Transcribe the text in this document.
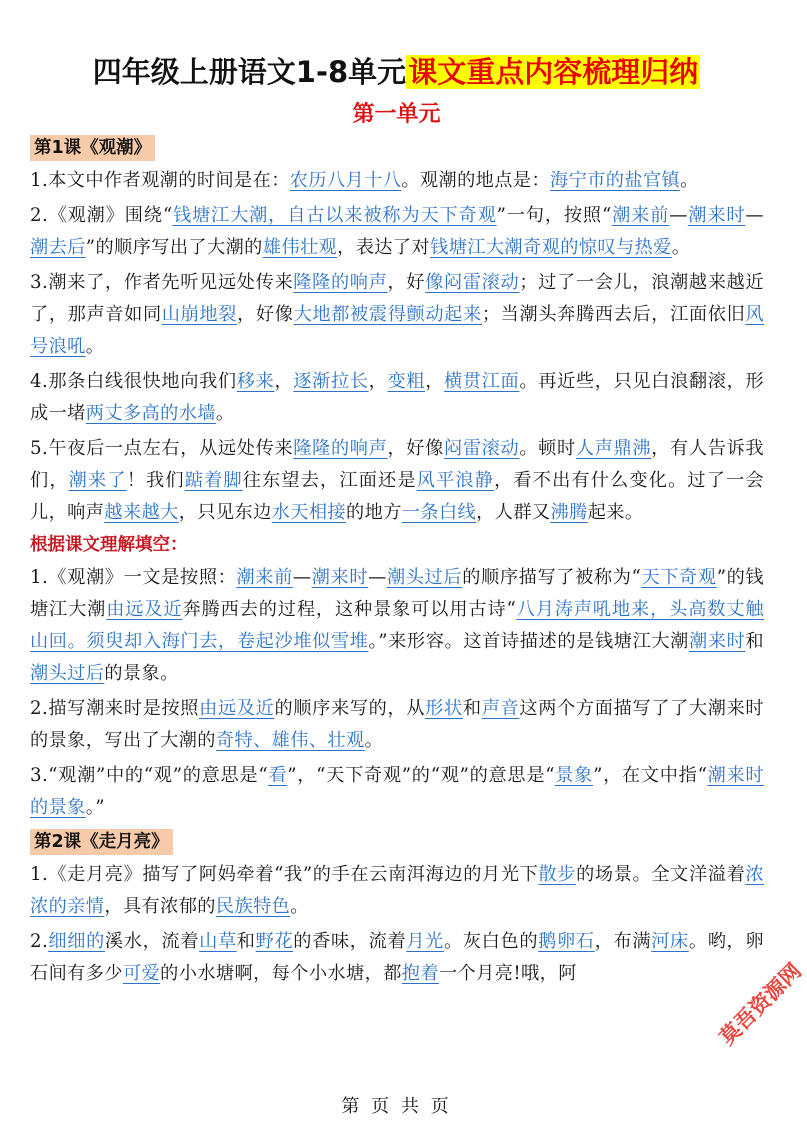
四年级上册语文1-8单元课文重点内容梳理归纳
第一单元
第1课《观潮》

1.本文中作者观潮的时间是在：农历八月十八。观潮的地点是：海宁市的盐官镇。

2.《观潮》围绕“钱塘江大潮，自古以来被称为天下奇观”一句，按照“潮来前—潮来时—潮去后”的顺序写出了大潮的雄伟壮观，表达了对钱塘江大潮奇观的惊叹与热爱。

3.潮来了，作者先听见远处传来隆隆的响声，好像闷雷滚动；过了一会儿，浪潮越来越近了，那声音如同山崩地裂，好像大地都被震得颤动起来；当潮头奔腾西去后，江面依旧风号浪吼。

4.那条白线很快地向我们移来，逐渐拉长，变粗，横贯江面。再近些，只见白浪翻滚，形成一堵两丈多高的水墙。

5.午夜后一点左右，从远处传来隆隆的响声，好像闷雷滚动。顿时人声鼎沸，有人告诉我们，潮来了！我们踮着脚往东望去，江面还是风平浪静，看不出有什么变化。过了一会儿，响声越来越大，只见东边水天相接的地方一条白线，人群又沸腾起来。

根据课文理解填空：

1.《观潮》一文是按照：潮来前—潮来时—潮头过后的顺序描写了被称为“天下奇观”的钱塘江大潮由远及近奔腾西去的过程，这种景象可以用古诗“八月涛声吼地来，头高数丈触山回。须臾却入海门去，卷起沙堆似雪堆。”来形容。这首诗描述的是钱塘江大潮潮来时和潮头过后的景象。

2.描写潮来时是按照由远及近的顺序来写的，从形状和声音这两个方面描写了了大潮来时的景象，写出了大潮的奇特、雄伟、壮观。

3.“观潮”中的“观”的意思是“看”，“天下奇观”的“观”的意思是“景象”，在文中指“潮来时的景象。”

第2课《走月亮》

1.《走月亮》描写了阿妈牵着“我”的手在云南洱海边的月光下散步的场景。全文洋溢着浓浓的亲情，具有浓郁的民族特色。

2.细细的溪水，流着山草和野花的香味，流着月光。灰白色的鹅卵石，布满河床。哟，卵石间有多少可爱的小水塘啊，每个小水塘，都抱着一个月亮!哦，阿

第 页 共 页
莫吾资源网
